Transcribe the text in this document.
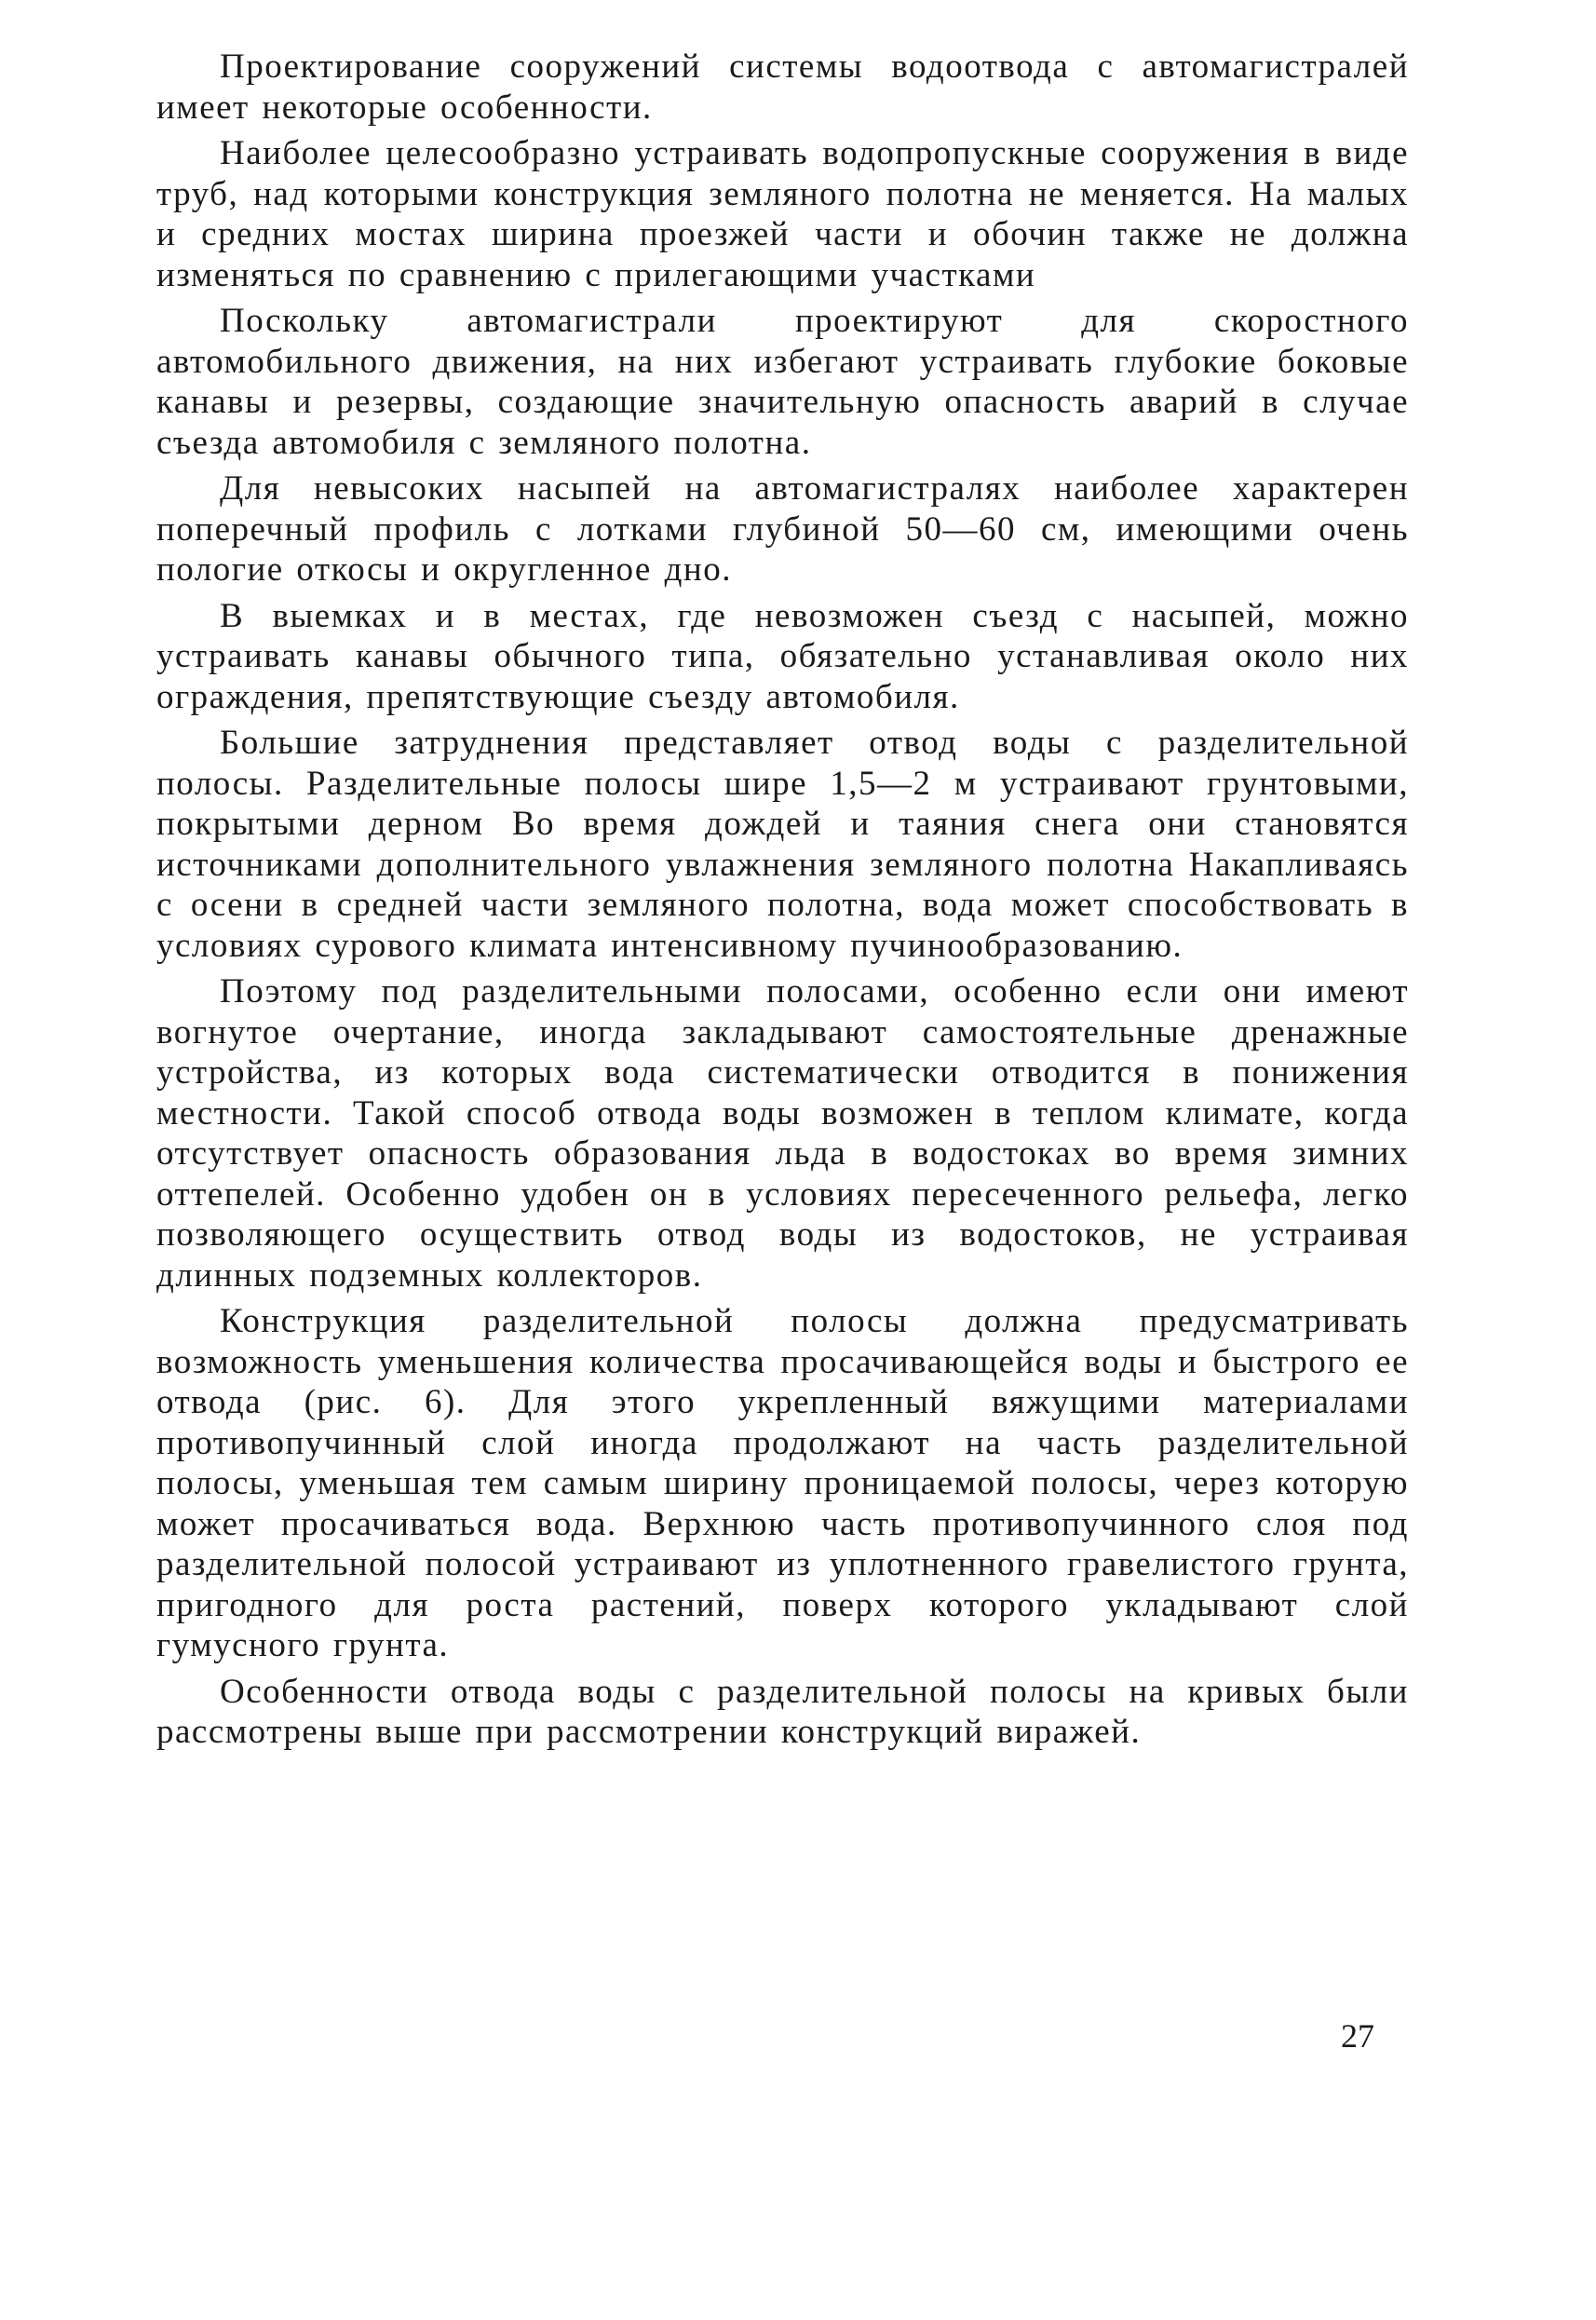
Проектирование сооружений системы водоотвода с автомагистралей имеет некоторые особенности.

Наиболее целесообразно устраивать водопропускные сооружения в виде труб, над которыми конструкция земляного полотна не меняется. На малых и средних мостах ширина проезжей части и обочин также не должна изменяться по сравнению с прилегающими участками

Поскольку автомагистрали проектируют для скоростного автомобильного движения, на них избегают устраивать глубокие боковые канавы и резервы, создающие значительную опасность аварий в случае съезда автомобиля с земляного полотна.

Для невысоких насыпей на автомагистралях наиболее характерен поперечный профиль с лотками глубиной 50—60 см, имеющими очень пологие откосы и округленное дно.

В выемках и в местах, где невозможен съезд с насыпей, можно устраивать канавы обычного типа, обязательно устанавливая около них ограждения, препятствующие съезду автомобиля.

Большие затруднения представляет отвод воды с разделительной полосы. Разделительные полосы шире 1,5—2 м устраивают грунтовыми, покрытыми дерном Во время дождей и таяния снега они становятся источниками дополнительного увлажнения земляного полотна Накапливаясь с осени в средней части земляного полотна, вода может способствовать в условиях сурового климата интенсивному пучинообразованию.

Поэтому под разделительными полосами, особенно если они имеют вогнутое очертание, иногда закладывают самостоятельные дренажные устройства, из которых вода систематически отводится в понижения местности. Такой способ отвода воды возможен в теплом климате, когда отсутствует опасность образования льда в водостоках во время зимних оттепелей. Особенно удобен он в условиях пересеченного рельефа, легко позволяющего осуществить отвод воды из водостоков, не устраивая длинных подземных коллекторов.

Конструкция разделительной полосы должна предусматривать возможность уменьшения количества просачивающейся воды и быстрого ее отвода (рис. 6). Для этого укрепленный вяжущими материалами противопучинный слой иногда продолжают на часть разделительной полосы, уменьшая тем самым ширину проницаемой полосы, через которую может просачиваться вода. Верхнюю часть противопучинного слоя под разделительной полосой устраивают из уплотненного гравелистого грунта, пригодного для роста растений, поверх которого укладывают слой гумусного грунта.

Особенности отвода воды с разделительной полосы на кривых были рассмотрены выше при рассмотрении конструкций виражей.

27
